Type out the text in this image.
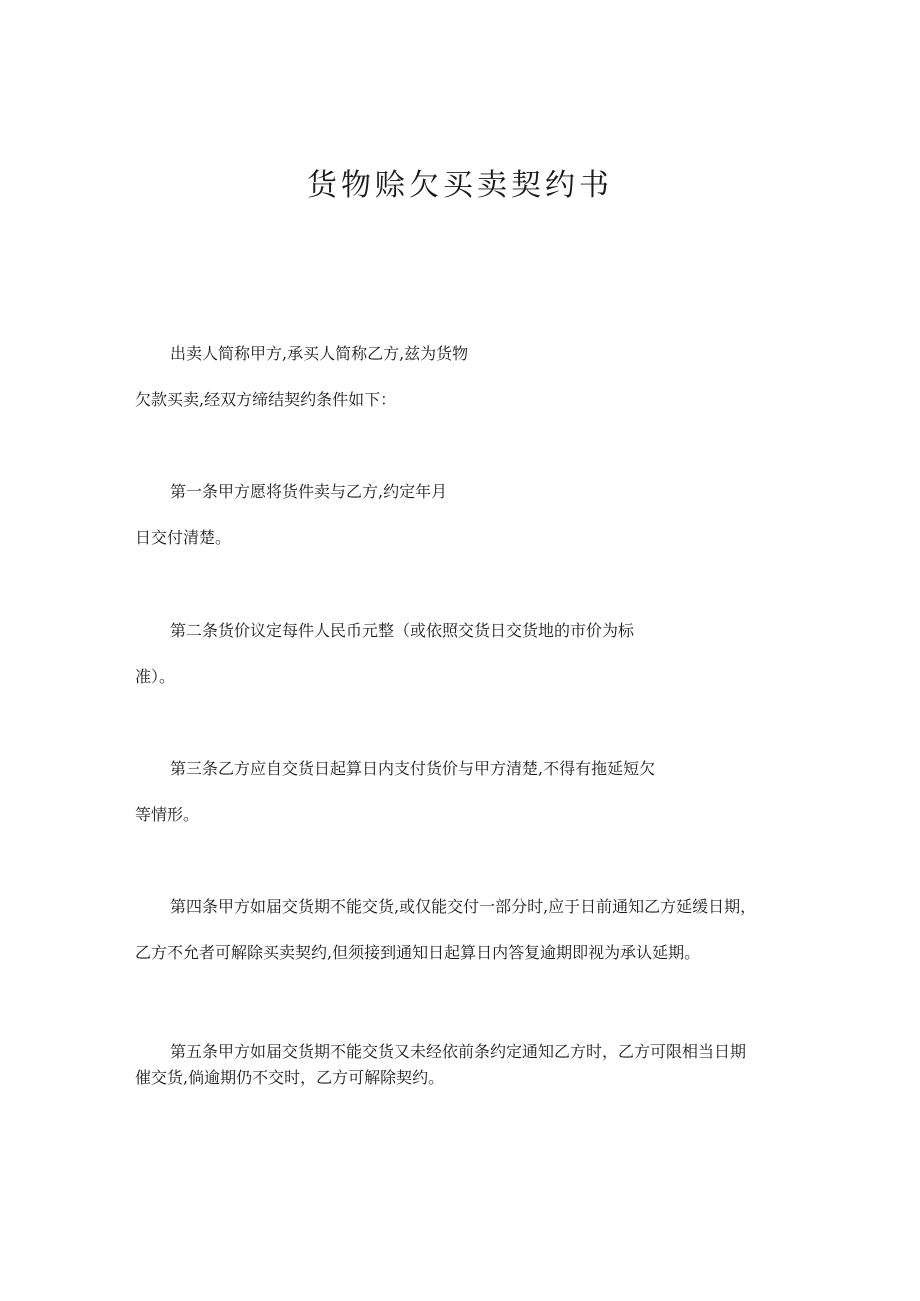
货物赊欠买卖契约书
出卖人简称甲方,承买人简称乙方,兹为货物
欠款买卖,经双方缔结契约条件如下：
第一条甲方愿将货件卖与乙方,约定年月
日交付清楚。
第二条货价议定每件人民币元整（或依照交货日交货地的市价为标
准）。
第三条乙方应自交货日起算日内支付货价与甲方清楚,不得有拖延短欠
等情形。
第四条甲方如届交货期不能交货,或仅能交付一部分时,应于日前通知乙方延缓日期，
乙方不允者可解除买卖契约,但须接到通知日起算日内答复逾期即视为承认延期。
第五条甲方如届交货期不能交货又未经依前条约定通知乙方时，乙方可限相当日期
催交货,倘逾期仍不交时，乙方可解除契约。
